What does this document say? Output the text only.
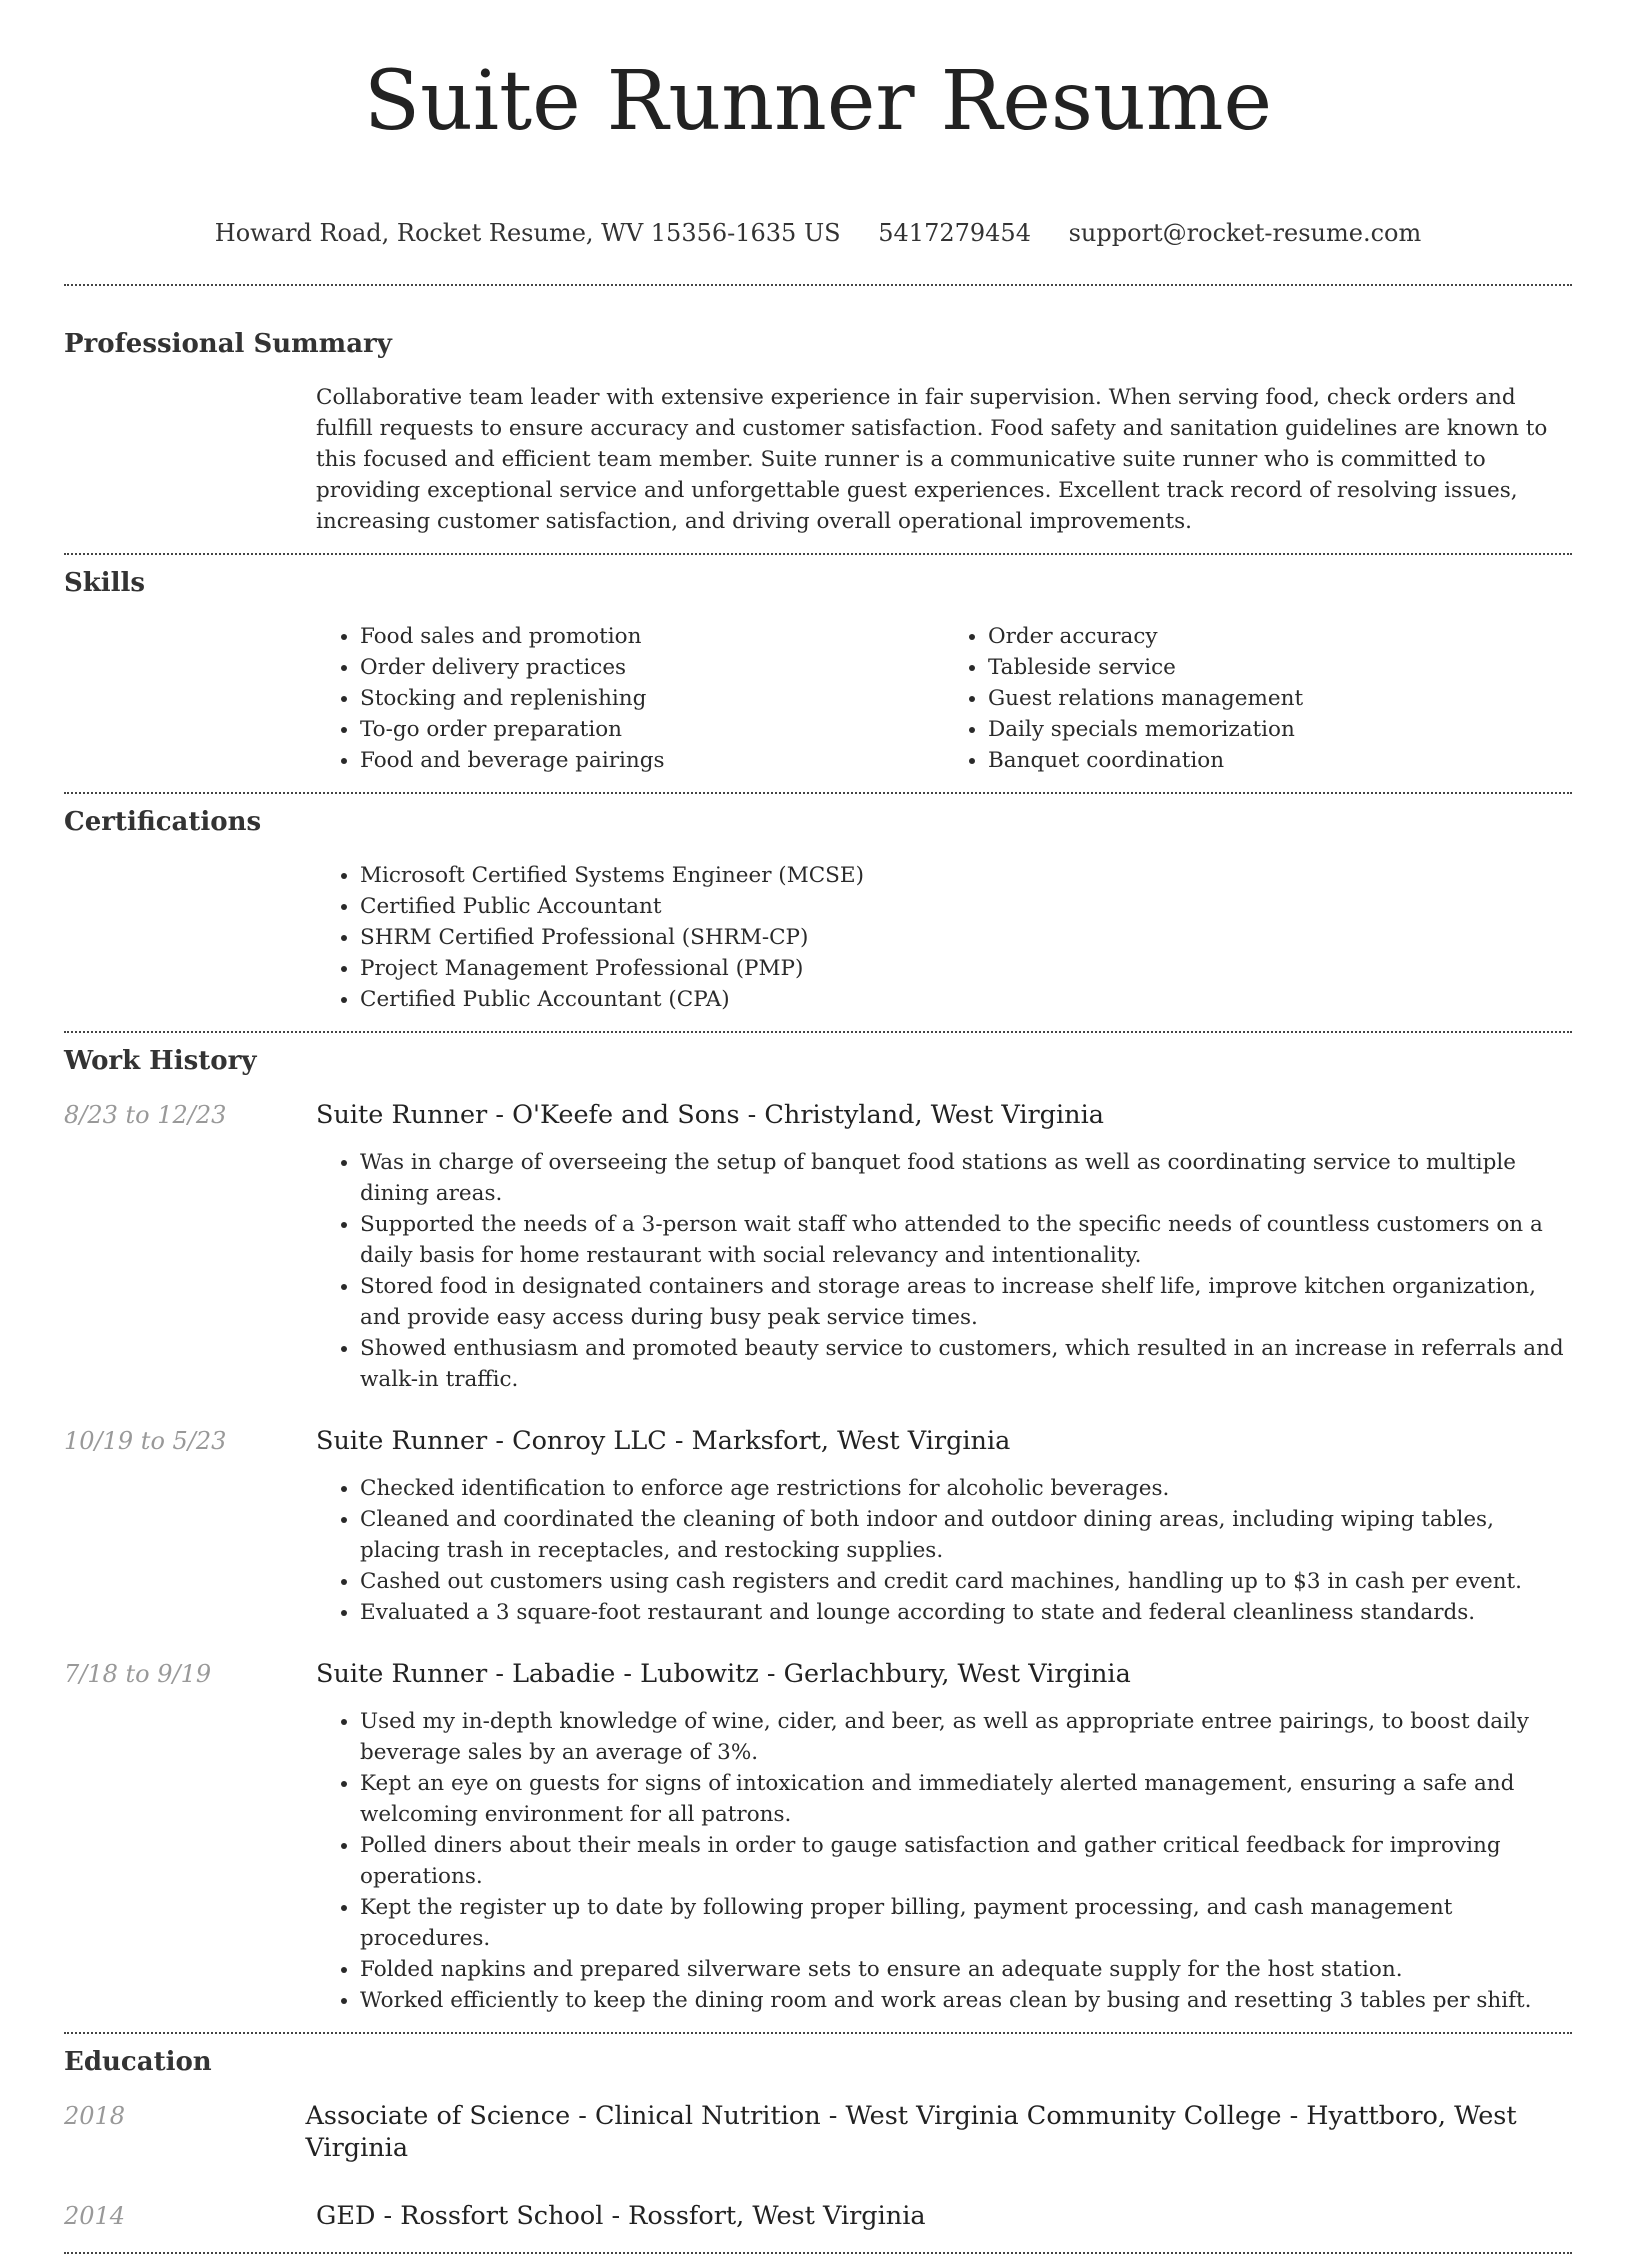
Suite Runner Resume
Howard Road, Rocket Resume, WV 15356-1635 US 5417279454 support@rocket-resume.com
Professional Summary
Collaborative team leader with extensive experience in fair supervision. When serving food, check orders and fulfill requests to ensure accuracy and customer satisfaction. Food safety and sanitation guidelines are known to this focused and efficient team member. Suite runner is a communicative suite runner who is committed to providing exceptional service and unforgettable guest experiences. Excellent track record of resolving issues, increasing customer satisfaction, and driving overall operational improvements.
Skills
• Food sales and promotion
• Order delivery practices
• Stocking and replenishing
• To-go order preparation
• Food and beverage pairings
• Order accuracy
• Tableside service
• Guest relations management
• Daily specials memorization
• Banquet coordination
Certifications
• Microsoft Certified Systems Engineer (MCSE)
• Certified Public Accountant
• SHRM Certified Professional (SHRM-CP)
• Project Management Professional (PMP)
• Certified Public Accountant (CPA)
Work History
8/23 to 12/23	Suite Runner - O'Keefe and Sons - Christyland, West Virginia
• Was in charge of overseeing the setup of banquet food stations as well as coordinating service to multiple dining areas.
• Supported the needs of a 3-person wait staff who attended to the specific needs of countless customers on a daily basis for home restaurant with social relevancy and intentionality.
• Stored food in designated containers and storage areas to increase shelf life, improve kitchen organization, and provide easy access during busy peak service times.
• Showed enthusiasm and promoted beauty service to customers, which resulted in an increase in referrals and walk-in traffic.
10/19 to 5/23	Suite Runner - Conroy LLC - Marksfort, West Virginia
• Checked identification to enforce age restrictions for alcoholic beverages.
• Cleaned and coordinated the cleaning of both indoor and outdoor dining areas, including wiping tables, placing trash in receptacles, and restocking supplies.
• Cashed out customers using cash registers and credit card machines, handling up to $3 in cash per event.
• Evaluated a 3 square-foot restaurant and lounge according to state and federal cleanliness standards.
7/18 to 9/19	Suite Runner - Labadie - Lubowitz - Gerlachbury, West Virginia
• Used my in-depth knowledge of wine, cider, and beer, as well as appropriate entree pairings, to boost daily beverage sales by an average of 3%.
• Kept an eye on guests for signs of intoxication and immediately alerted management, ensuring a safe and welcoming environment for all patrons.
• Polled diners about their meals in order to gauge satisfaction and gather critical feedback for improving operations.
• Kept the register up to date by following proper billing, payment processing, and cash management procedures.
• Folded napkins and prepared silverware sets to ensure an adequate supply for the host station.
• Worked efficiently to keep the dining room and work areas clean by busing and resetting 3 tables per shift.
Education
2018	Associate of Science - Clinical Nutrition - West Virginia Community College - Hyattboro, West Virginia
2014	GED - Rossfort School - Rossfort, West Virginia
